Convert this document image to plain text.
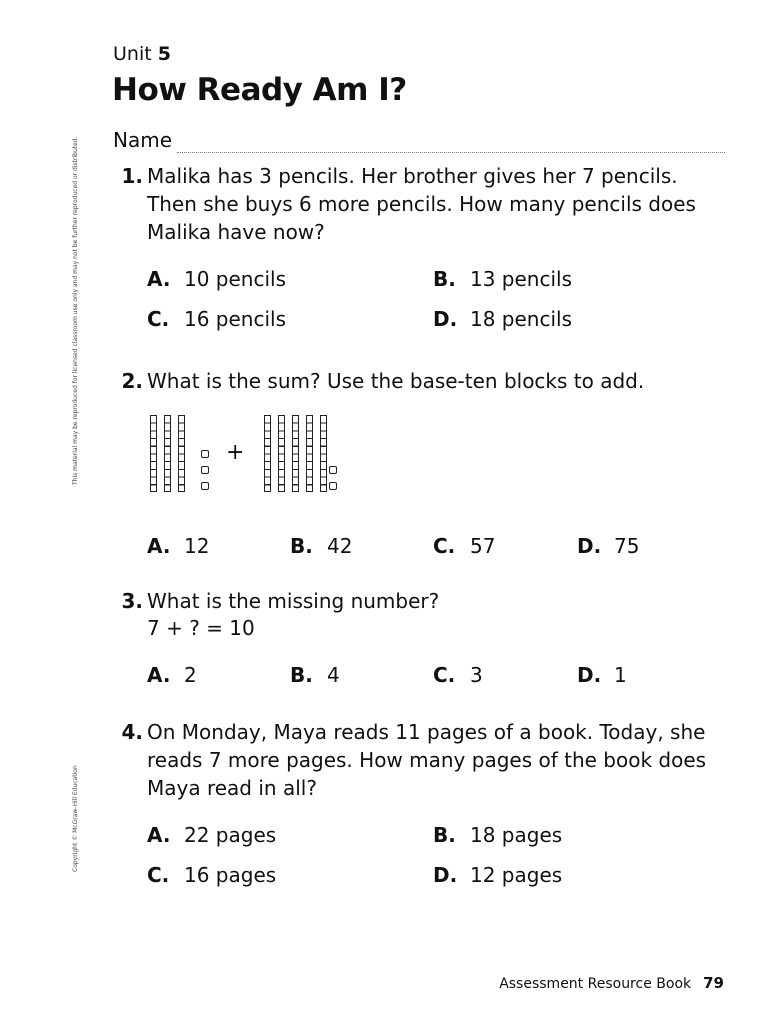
This material may be reproduced for licensed classroom use only and may not be further reproduced or distributed.
Copyright © McGraw-Hill Education
Unit 5
How Ready Am I?
Name
1. Malika has 3 pencils. Her brother gives her 7 pencils. Then she buys 6 more pencils. How many pencils does Malika have now?
A. 10 pencils	B. 13 pencils
C. 16 pencils	D. 18 pencils
2. What is the sum? Use the base-ten blocks to add.
+
A. 12	B. 42	C. 57	D. 75
3. What is the missing number?
7 + ? = 10
A. 2	B. 4	C. 3	D. 1
4. On Monday, Maya reads 11 pages of a book. Today, she reads 7 more pages. How many pages of the book does Maya read in all?
A. 22 pages	B. 18 pages
C. 16 pages	D. 12 pages
Assessment Resource Book 79
